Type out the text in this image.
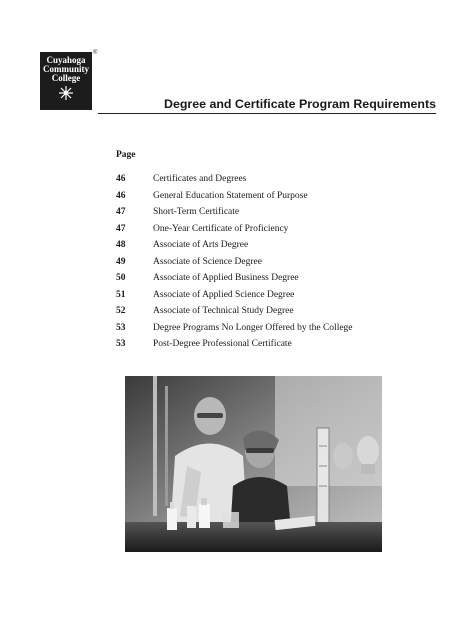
Cuyahoga
Community
College
®
Degree and Certificate Program Requirements
Page
46	Certificates and Degrees
46	General Education Statement of Purpose
47	Short-Term Certificate
47	One-Year Certificate of Proficiency
48	Associate of Arts Degree
49	Associate of Science Degree
50	Associate of Applied Business Degree
51	Associate of Applied Science Degree
52	Associate of Technical Study Degree
53	Degree Programs No Longer Offered by the College
53	Post-Degree Professional Certificate
